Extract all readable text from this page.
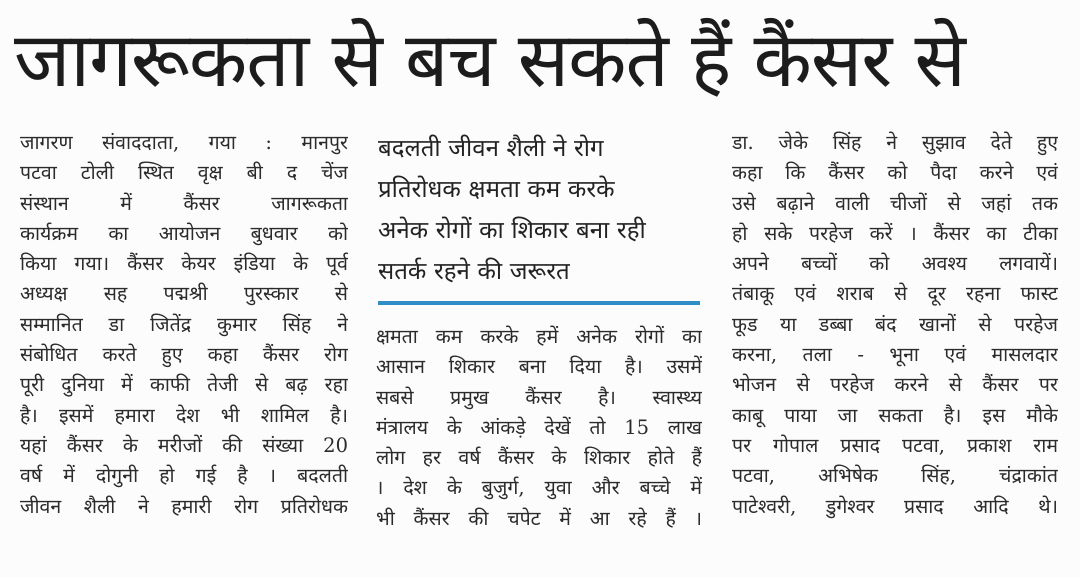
जागरूकता से बच सकते हैं कैंसर से
जागरण संवाददाता, गया : मानपुर
पटवा टोली स्थित वृक्ष बी द चेंज
संस्थान में कैंसर जागरूकता
कार्यक्रम का आयोजन बुधवार को
किया गया। कैंसर केयर इंडिया के पूर्व
अध्यक्ष सह पद्मश्री पुरस्कार से
सम्मानित डा जितेंद्र कुमार सिंह ने
संबोधित करते हुए कहा कैंसर रोग
पूरी दुनिया में काफी तेजी से बढ़ रहा
है। इसमें हमारा देश भी शामिल है।
यहां कैंसर के मरीजों की संख्या 20
वर्ष में दोगुनी हो गई है । बदलती
जीवन शैली ने हमारी रोग प्रतिरोधक
बदलती जीवन शैली ने रोग
प्रतिरोधक क्षमता कम करके
अनेक रोगों का शिकार बना रही
सतर्क रहने की जरूरत
क्षमता कम करके हमें अनेक रोगों का
आसान शिकार बना दिया है। उसमें
सबसे प्रमुख कैंसर है। स्वास्थ्य
मंत्रालय के आंकड़े देखें तो 15 लाख
लोग हर वर्ष कैंसर के शिकार होते हैं
। देश के बुजुर्ग, युवा और बच्चे में
भी कैंसर की चपेट में आ रहे हैं ।
डा. जेके सिंह ने सुझाव देते हुए
कहा कि कैंसर को पैदा करने एवं
उसे बढ़ाने वाली चीजों से जहां तक
हो सके परहेज करें । कैंसर का टीका
अपने बच्चों को अवश्य लगवायें।
तंबाकू एवं शराब से दूर रहना फास्ट
फूड या डब्बा बंद खानों से परहेज
करना, तला - भूना एवं मासलदार
भोजन से परहेज करने से कैंसर पर
काबू पाया जा सकता है। इस मौके
पर गोपाल प्रसाद पटवा, प्रकाश राम
पटवा, अभिषेक सिंह, चंद्राकांत
पाटेश्वरी, डुगेश्वर प्रसाद आदि थे।
